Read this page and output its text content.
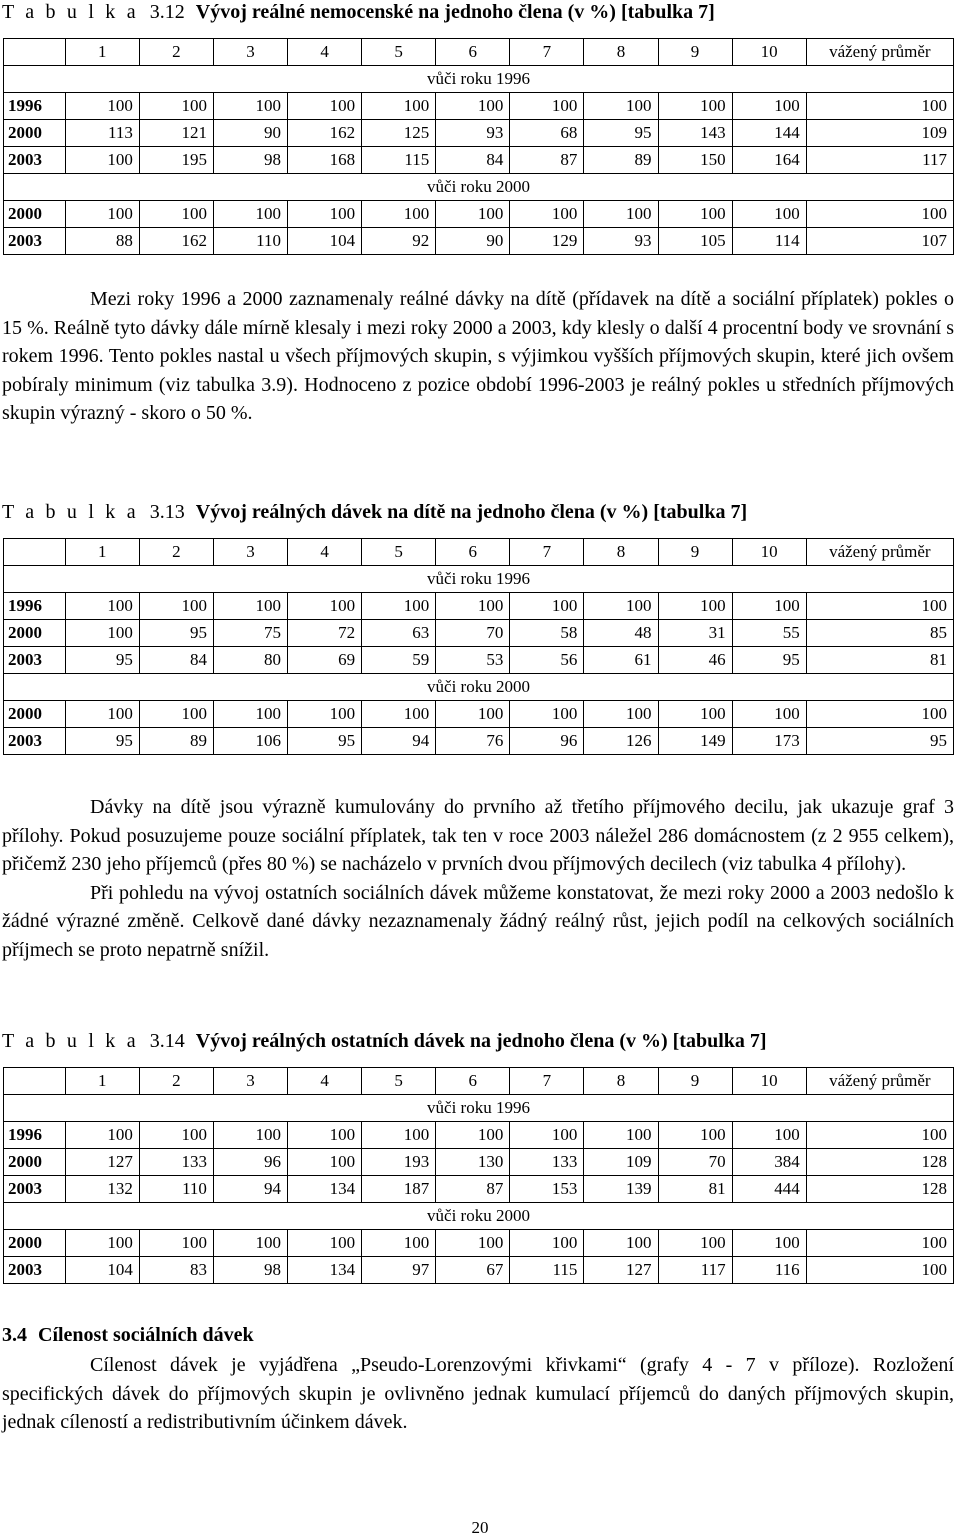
T a b u l k a 3.12 Vývoj reálné nemocenské na jednoho člena (v %) [tabulka 7]
	1	2	3	4	5	6	7	8	9	10	vážený průměr
vůči roku 1996											
1996	100	100	100	100	100	100	100	100	100	100	100
2000	113	121	90	162	125	93	68	95	143	144	109
2003	100	195	98	168	115	84	87	89	150	164	117
vůči roku 2000											
2000	100	100	100	100	100	100	100	100	100	100	100
2003	88	162	110	104	92	90	129	93	105	114	107

Mezi roky 1996 a 2000 zaznamenaly reálné dávky na dítě (přídavek na dítě a sociální příplatek) pokles o 15 %. Reálně tyto dávky dále mírně klesaly i mezi roky 2000 a 2003, kdy klesly o další 4 procentní body ve srovnání s rokem 1996. Tento pokles nastal u všech příjmových skupin, s výjimkou vyšších příjmových skupin, které jich ovšem pobíraly minimum (viz tabulka 3.9). Hodnoceno z pozice období 1996-2003 je reálný pokles u středních příjmových skupin výrazný - skoro o 50 %.

T a b u l k a 3.13 Vývoj reálných dávek na dítě na jednoho člena (v %) [tabulka 7]
	1	2	3	4	5	6	7	8	9	10	vážený průměr
vůči roku 1996											
1996	100	100	100	100	100	100	100	100	100	100	100
2000	100	95	75	72	63	70	58	48	31	55	85
2003	95	84	80	69	59	53	56	61	46	95	81
vůči roku 2000											
2000	100	100	100	100	100	100	100	100	100	100	100
2003	95	89	106	95	94	76	96	126	149	173	95

Dávky na dítě jsou výrazně kumulovány do prvního až třetího příjmového decilu, jak ukazuje graf 3 přílohy. Pokud posuzujeme pouze sociální příplatek, tak ten v roce 2003 náležel 286 domácnostem (z 2 955 celkem), přičemž 230 jeho příjemců (přes 80 %) se nacházelo v prvních dvou příjmových decilech (viz tabulka 4 přílohy).

Při pohledu na vývoj ostatních sociálních dávek můžeme konstatovat, že mezi roky 2000 a 2003 nedošlo k žádné výrazné změně. Celkově dané dávky nezaznamenaly žádný reálný růst, jejich podíl na celkových sociálních příjmech se proto nepatrně snížil.

T a b u l k a 3.14 Vývoj reálných ostatních dávek na jednoho člena (v %) [tabulka 7]
	1	2	3	4	5	6	7	8	9	10	vážený průměr
vůči roku 1996											
1996	100	100	100	100	100	100	100	100	100	100	100
2000	127	133	96	100	193	130	133	109	70	384	128
2003	132	110	94	134	187	87	153	139	81	444	128
vůči roku 2000											
2000	100	100	100	100	100	100	100	100	100	100	100
2003	104	83	98	134	97	67	115	127	117	116	100
3.4 Cílenost sociálních dávek

Cílenost dávek je vyjádřena „Pseudo-Lorenzovými křivkami“ (grafy 4 - 7 v příloze). Rozložení specifických dávek do příjmových skupin je ovlivněno jednak kumulací příjemců do daných příjmových skupin, jednak cíleností a redistributivním účinkem dávek.

20
